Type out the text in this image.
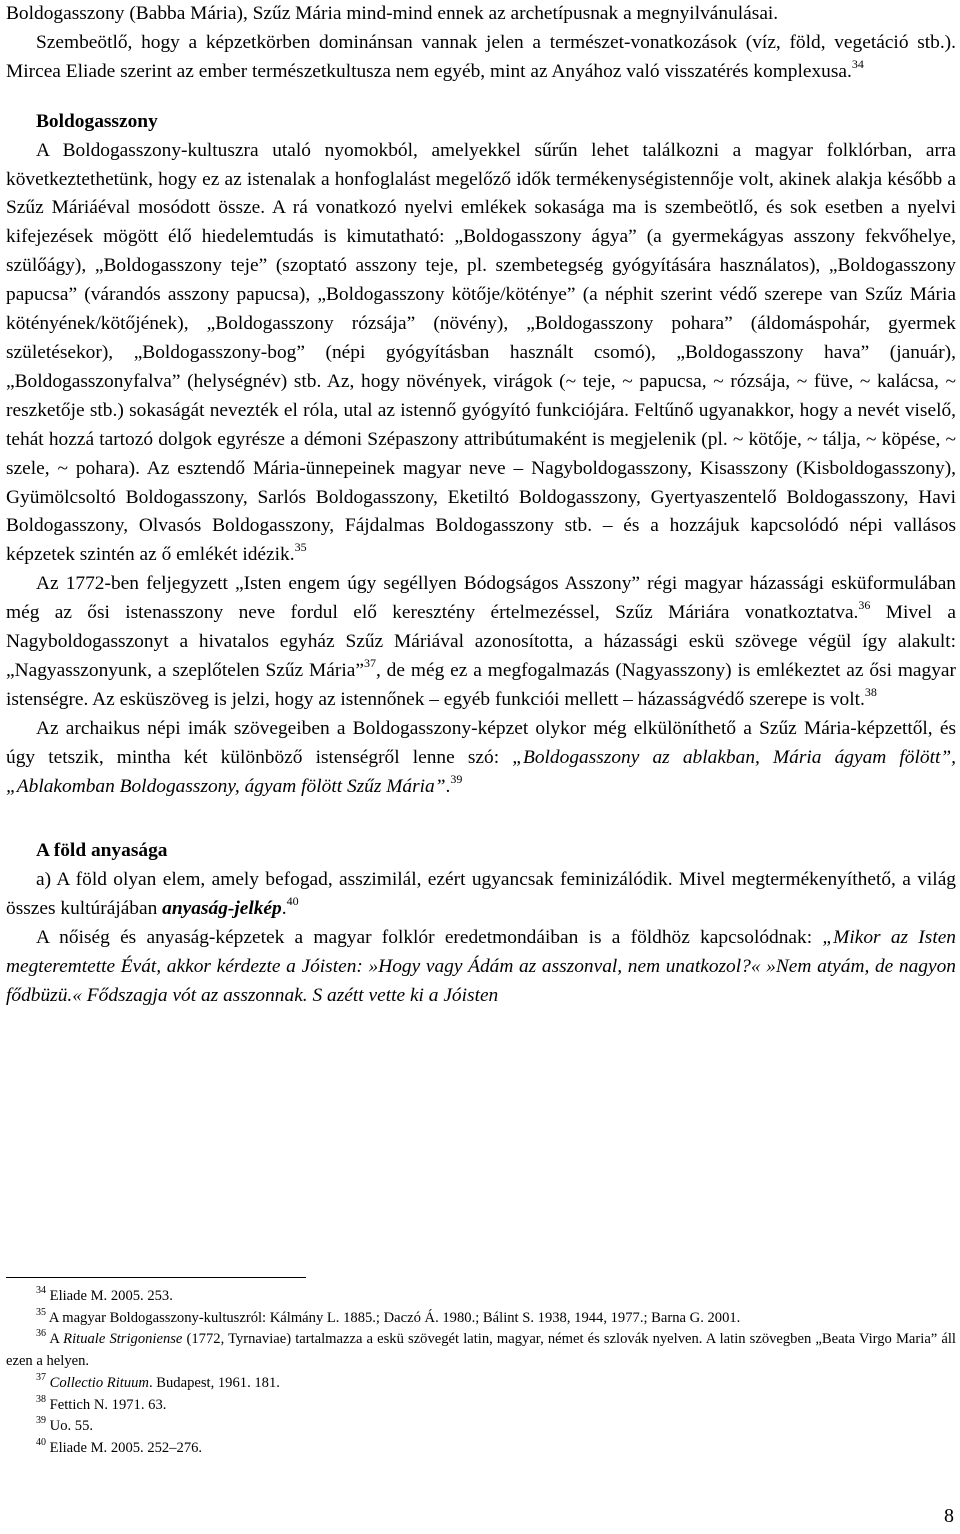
Boldogasszony (Babba Mária), Szűz Mária mind-mind ennek az archetípusnak a megnyilvánulásai.

Szembeötlő, hogy a képzetkörben dominánsan vannak jelen a természet-vonatkozások (víz, föld, vegetáció stb.). Mircea Eliade szerint az ember természetkultusza nem egyéb, mint az Anyához való visszatérés komplexusa.$^{34}$

Boldogasszony

A Boldogasszony-kultuszra utaló nyomokból, amelyekkel sűrűn lehet találkozni a magyar folklórban, arra következtethetünk, hogy ez az istenalak a honfoglalást megelőző idők termékenységistennője volt, akinek alakja később a Szűz Máriáéval mosódott össze. A rá vonatkozó nyelvi emlékek sokasága ma is szembeötlő, és sok esetben a nyelvi kifejezések mögött élő hiedelemtudás is kimutatható: „Boldogasszony ágya” (a gyermekágyas asszony fekvőhelye, szülőágy), „Boldogasszony teje” (szoptató asszony teje, pl. szembetegség gyógyítására használatos), „Boldogasszony papucsa” (várandós asszony papucsa), „Boldogasszony kötője/köténye” (a néphit szerint védő szerepe van Szűz Mária kötényének/kötőjének), „Boldogasszony rózsája” (növény), „Boldogasszony pohara” (áldomáspohár, gyermek születésekor), „Boldogasszony-bog” (népi gyógyításban használt csomó), „Boldogasszony hava” (január), „Boldogasszonyfalva” (helységnév) stb. Az, hogy növények, virágok (~ teje, ~ papucsa, ~ rózsája, ~ füve, ~ kalácsa, ~ reszketője stb.) sokaságát nevezték el róla, utal az istennő gyógyító funkciójára. Feltűnő ugyanakkor, hogy a nevét viselő, tehát hozzá tartozó dolgok egyrésze a démoni Szépaszony attribútumaként is megjelenik (pl. ~ kötője, ~ tálja, ~ köpése, ~ szele, ~ pohara). Az esztendő Mária-ünnepeinek magyar neve – Nagyboldogasszony, Kisasszony (Kisboldogasszony), Gyümölcsoltó Boldogasszony, Sarlós Boldogasszony, Eketiltó Boldogasszony, Gyertyaszentelő Boldogasszony, Havi Boldogasszony, Olvasós Boldogasszony, Fájdalmas Boldogasszony stb. – és a hozzájuk kapcsolódó népi vallásos képzetek szintén az ő emlékét idézik.$^{35}$

Az 1772-ben feljegyzett „Isten engem úgy segéllyen Bódogságos Asszony” régi magyar házassági esküformulában még az ősi istenasszony neve fordul elő keresztény értelmezéssel, Szűz Máriára vonatkoztatva.$^{36}$ Mivel a Nagyboldogasszonyt a hivatalos egyház Szűz Máriával azonosította, a házassági eskü szövege végül így alakult: „Nagyasszonyunk, a szeplőtelen Szűz Mária”$^{37}$, de még ez a megfogalmazás (Nagyasszony) is emlékeztet az ősi magyar istenségre. Az esküszöveg is jelzi, hogy az istennőnek – egyéb funkciói mellett – házasságvédő szerepe is volt.$^{38}$

Az archaikus népi imák szövegeiben a Boldogasszony-képzet olykor még elkülöníthető a Szűz Mária-képzettől, és úgy tetszik, mintha két különböző istenségről lenne szó: „Boldogasszony az ablakban, Mária ágyam fölött”, „Ablakomban Boldogasszony, ágyam fölött Szűz Mária”.$^{39}$

A föld anyasága

a) A föld olyan elem, amely befogad, asszimilál, ezért ugyancsak feminizálódik. Mivel megtermékenyíthető, a világ összes kultúrájában anyaság-jelkép.$^{40}$

A nőiség és anyaság-képzetek a magyar folklór eredetmondáiban is a földhöz kapcsolódnak: „Mikor az Isten megteremtette Évát, akkor kérdezte a Jóisten: »Hogy vagy Ádám az asszonval, nem unatkozol?« »Nem atyám, de nagyon fődbüzü.« Fődszagja vót az asszonnak. S azétt vette ki a Jóisten

$^{34}$ Eliade M. 2005. 253.

$^{35}$ A magyar Boldogasszony-kultuszról: Kálmány L. 1885.; Daczó Á. 1980.; Bálint S. 1938, 1944, 1977.; Barna G. 2001.

$^{36}$ A Rituale Strigoniense (1772, Tyrnaviae) tartalmazza a eskü szövegét latin, magyar, német és szlovák nyelven. A latin szövegben „Beata Virgo Maria” áll ezen a helyen.

$^{37}$ Collectio Rituum. Budapest, 1961. 181.

$^{38}$ Fettich N. 1971. 63.

$^{39}$ Uo. 55.

$^{40}$ Eliade M. 2005. 252–276.

8
